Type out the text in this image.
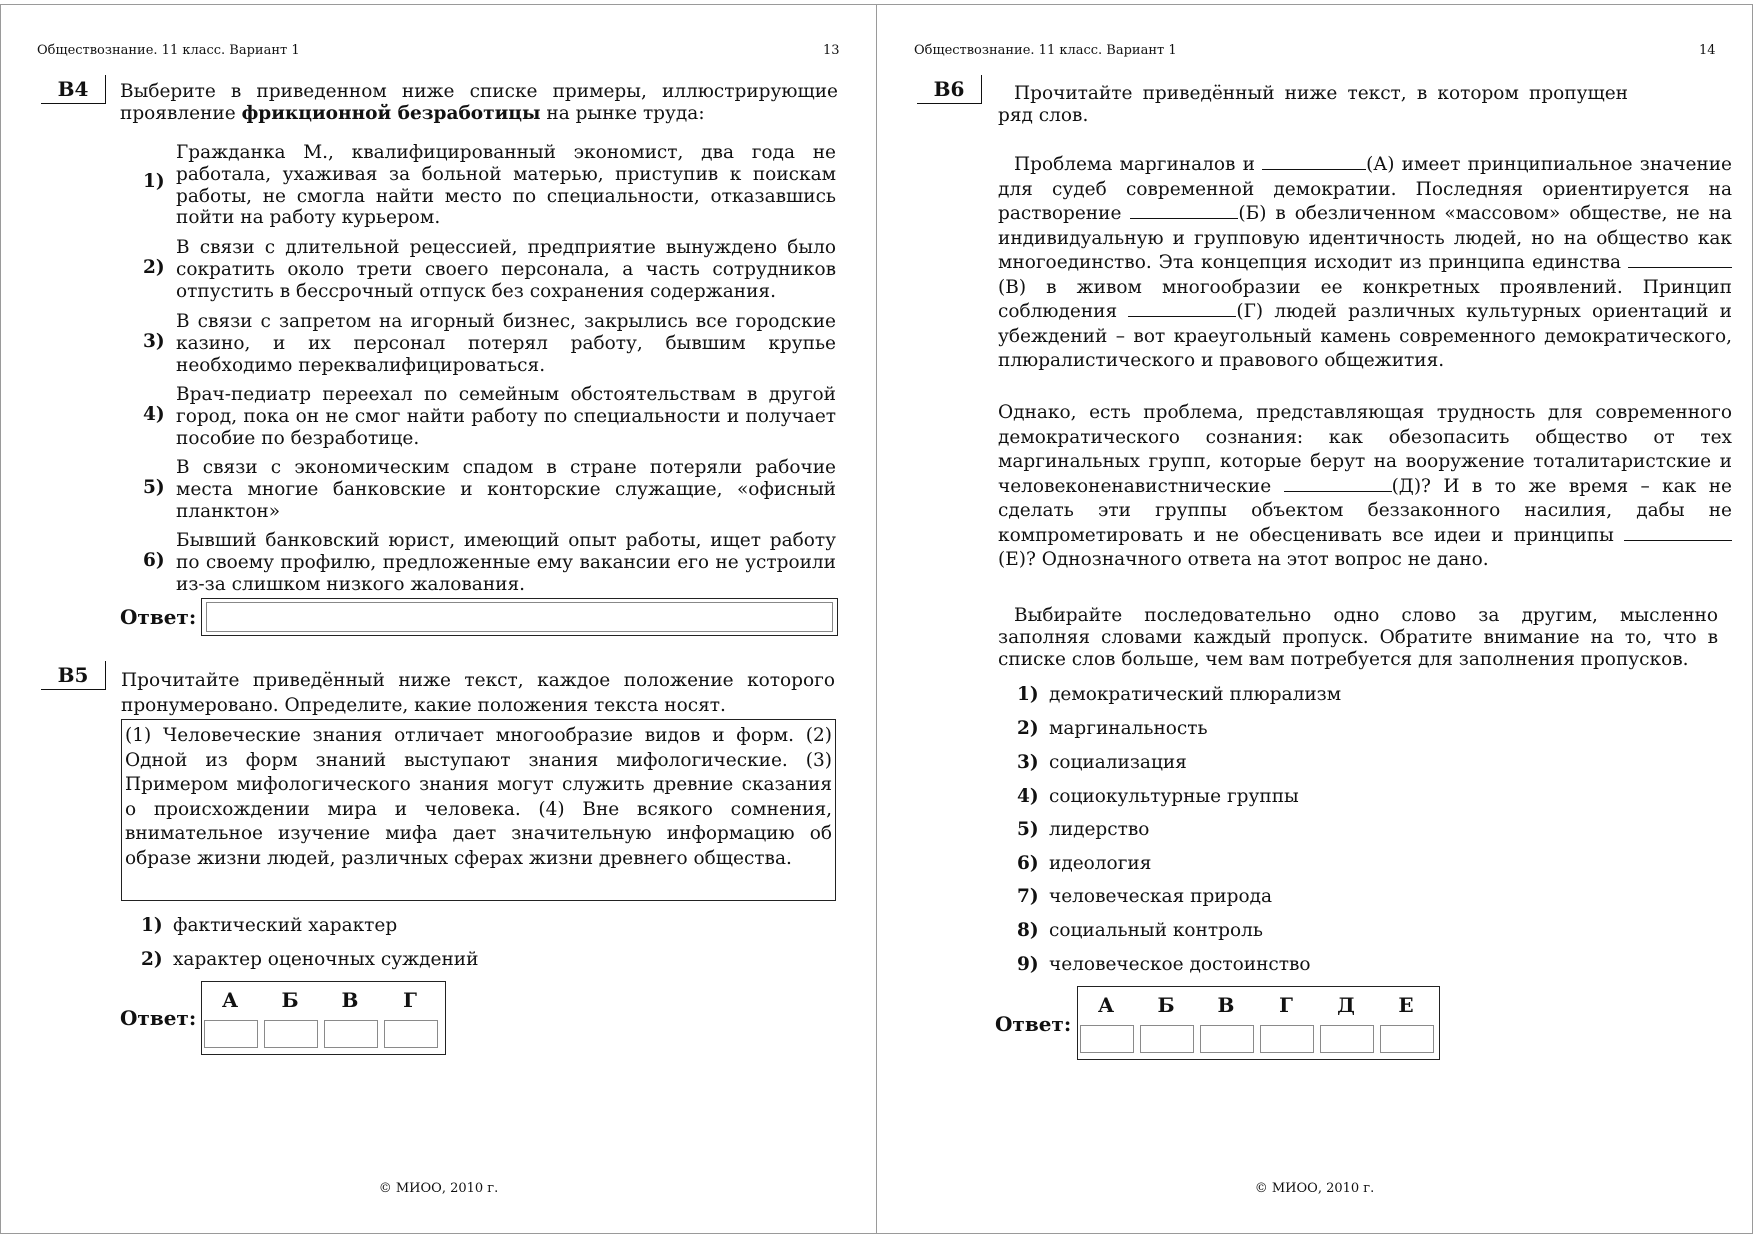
Обществознание. 11 класс. Вариант 1	13
В4	Выберите в приведенном ниже списке примеры, иллюстрирующие проявление фрикционной безработицы на рынке труда:
1)
Гражданка М., квалифицированный экономист, два года не работала, ухаживая за больной матерью, приступив к поискам работы, не смогла найти место по специальности, отказавшись пойти на работу курьером.
2)
В связи с длительной рецессией, предприятие вынуждено было сократить около трети своего персонала, а часть сотрудников отпустить в бессрочный отпуск без сохранения содержания.
3)
В связи с запретом на игорный бизнес, закрылись все городские казино, и их персонал потерял работу, бывшим крупье необходимо переквалифицироваться.
4)
Врач-педиатр переехал по семейным обстоятельствам в другой город, пока он не смог найти работу по специальности и получает пособие по безработице.
5)
В связи с экономическим спадом в стране потеряли рабочие места многие банковские и конторские служащие, «офисный планктон»
6)
Бывший банковский юрист, имеющий опыт работы, ищет работу по своему профилю, предложенные ему вакансии его не устроили из-за слишком низкого жалования.
Ответ:
В5	Прочитайте приведённый ниже текст, каждое положение которого пронумеровано. Определите, какие положения текста носят.
(1) Человеческие знания отличает многообразие видов и форм. (2) Одной из форм знаний выступают знания мифологические. (3) Примером мифологического знания могут служить древние сказания о происхождении мира и человека. (4) Вне всякого сомнения, внимательное изучение мифа дает значительную информацию об образе жизни людей, различных сферах жизни древнего общества.
1) фактический характер
2) характер оценочных суждений
Ответ:
А	Б	В	Г
© МИОО, 2010 г.
Обществознание. 11 класс. Вариант 1	14
В6	Прочитайте приведённый ниже текст, в котором пропущен ряд слов.
Проблема маргиналов и	(А) имеет принципиальное значение для судеб современной демократии. Последняя ориентируется на растворение	(Б) в обезличенном «массовом» обществе, не на индивидуальную и групповую идентичность людей, но на общество как многоединство. Эта концепция исходит из принципа единства (В) в живом многообразии ее конкретных проявлений. Принцип соблюдения	(Г) людей различных культурных ориентаций и убеждений – вот краеугольный камень современного демократического, плюралистического и правового общежития.
Однако, есть проблема, представляющая трудность для современного демократического сознания: как обезопасить общество от тех маргинальных групп, которые берут на вооружение тоталитаристские и человеконенавистнические	(Д)? И в то же время – как не сделать эти группы объектом беззаконного насилия, дабы не компрометировать и не обесценивать все идеи и принципы (Е)? Однозначного ответа на этот вопрос не дано.
Выбирайте последовательно одно слово за другим, мысленно заполняя словами каждый пропуск. Обратите внимание на то, что в списке слов больше, чем вам потребуется для заполнения пропусков.
1) демократический плюрализм
2) маргинальность
3) социализация
4) социокультурные группы
5) лидерство
6) идеология
7) человеческая природа
8) социальный контроль
9) человеческое достоинство
Ответ:
А	Б	В	Г	Д	Е
© МИОО, 2010 г.
